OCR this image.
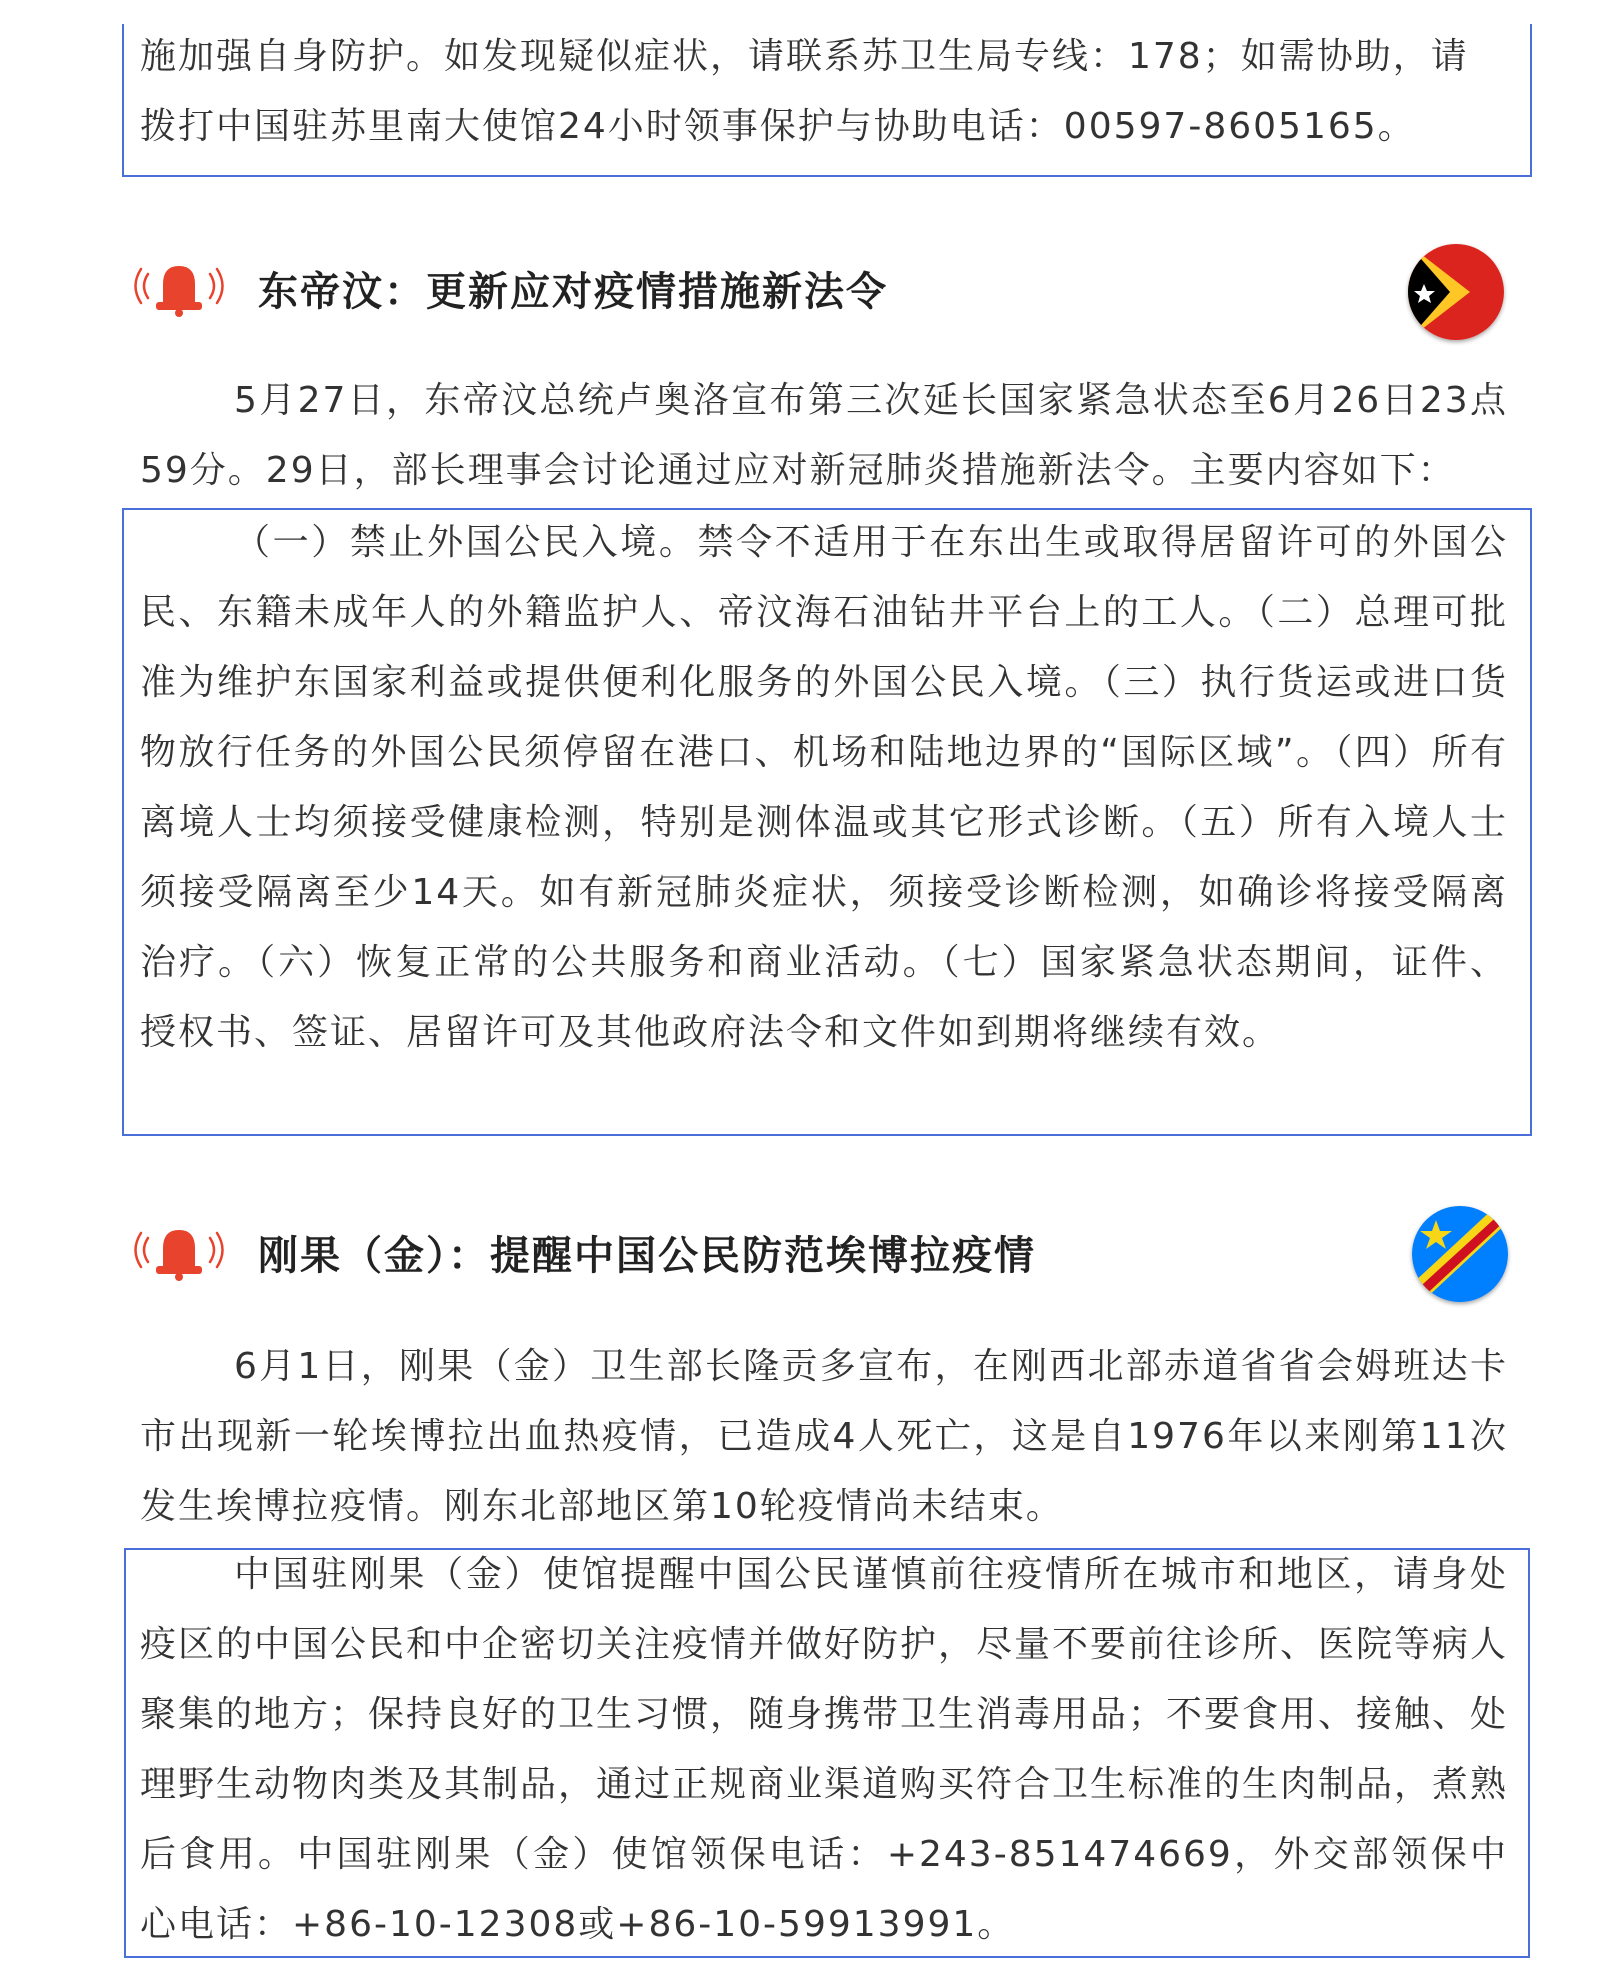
施加强自身防护。如发现疑似症状，请联系苏卫生局专线：178；如需协助，请

拨打中国驻苏里南大使馆24小时领事保护与协助电话：00597-8605165。

东帝汶：更新应对疫情措施新法令

5月27日，东帝汶总统卢奥洛宣布第三次延长国家紧急状态至6月26日23点59分。29日，部长理事会讨论通过应对新冠肺炎措施新法令。主要内容如下：

（一）禁止外国公民入境。禁令不适用于在东出生或取得居留许可的外国公民、东籍未成年人的外籍监护人、帝汶海石油钻井平台上的工人。（二）总理可批准为维护东国家利益或提供便利化服务的外国公民入境。（三）执行货运或进口货物放行任务的外国公民须停留在港口、机场和陆地边界的“国际区域”。（四）所有离境人士均须接受健康检测，特别是测体温或其它形式诊断。（五）所有入境人士须接受隔离至少14天。如有新冠肺炎症状，须接受诊断检测，如确诊将接受隔离治疗。（六）恢复正常的公共服务和商业活动。（七）国家紧急状态期间，证件、授权书、签证、居留许可及其他政府法令和文件如到期将继续有效。

刚果（金）：提醒中国公民防范埃博拉疫情

6月1日，刚果（金）卫生部长隆贡多宣布，在刚西北部赤道省省会姆班达卡市出现新一轮埃博拉出血热疫情，已造成4人死亡，这是自1976年以来刚第11次发生埃博拉疫情。刚东北部地区第10轮疫情尚未结束。

中国驻刚果（金）使馆提醒中国公民谨慎前往疫情所在城市和地区，请身处疫区的中国公民和中企密切关注疫情并做好防护，尽量不要前往诊所、医院等病人聚集的地方；保持良好的卫生习惯，随身携带卫生消毒用品；不要食用、接触、处理野生动物肉类及其制品，通过正规商业渠道购买符合卫生标准的生肉制品，煮熟后食用。中国驻刚果（金）使馆领保电话：+243-851474669，外交部领保中心电话：+86-10-12308或+86-10-59913991。
